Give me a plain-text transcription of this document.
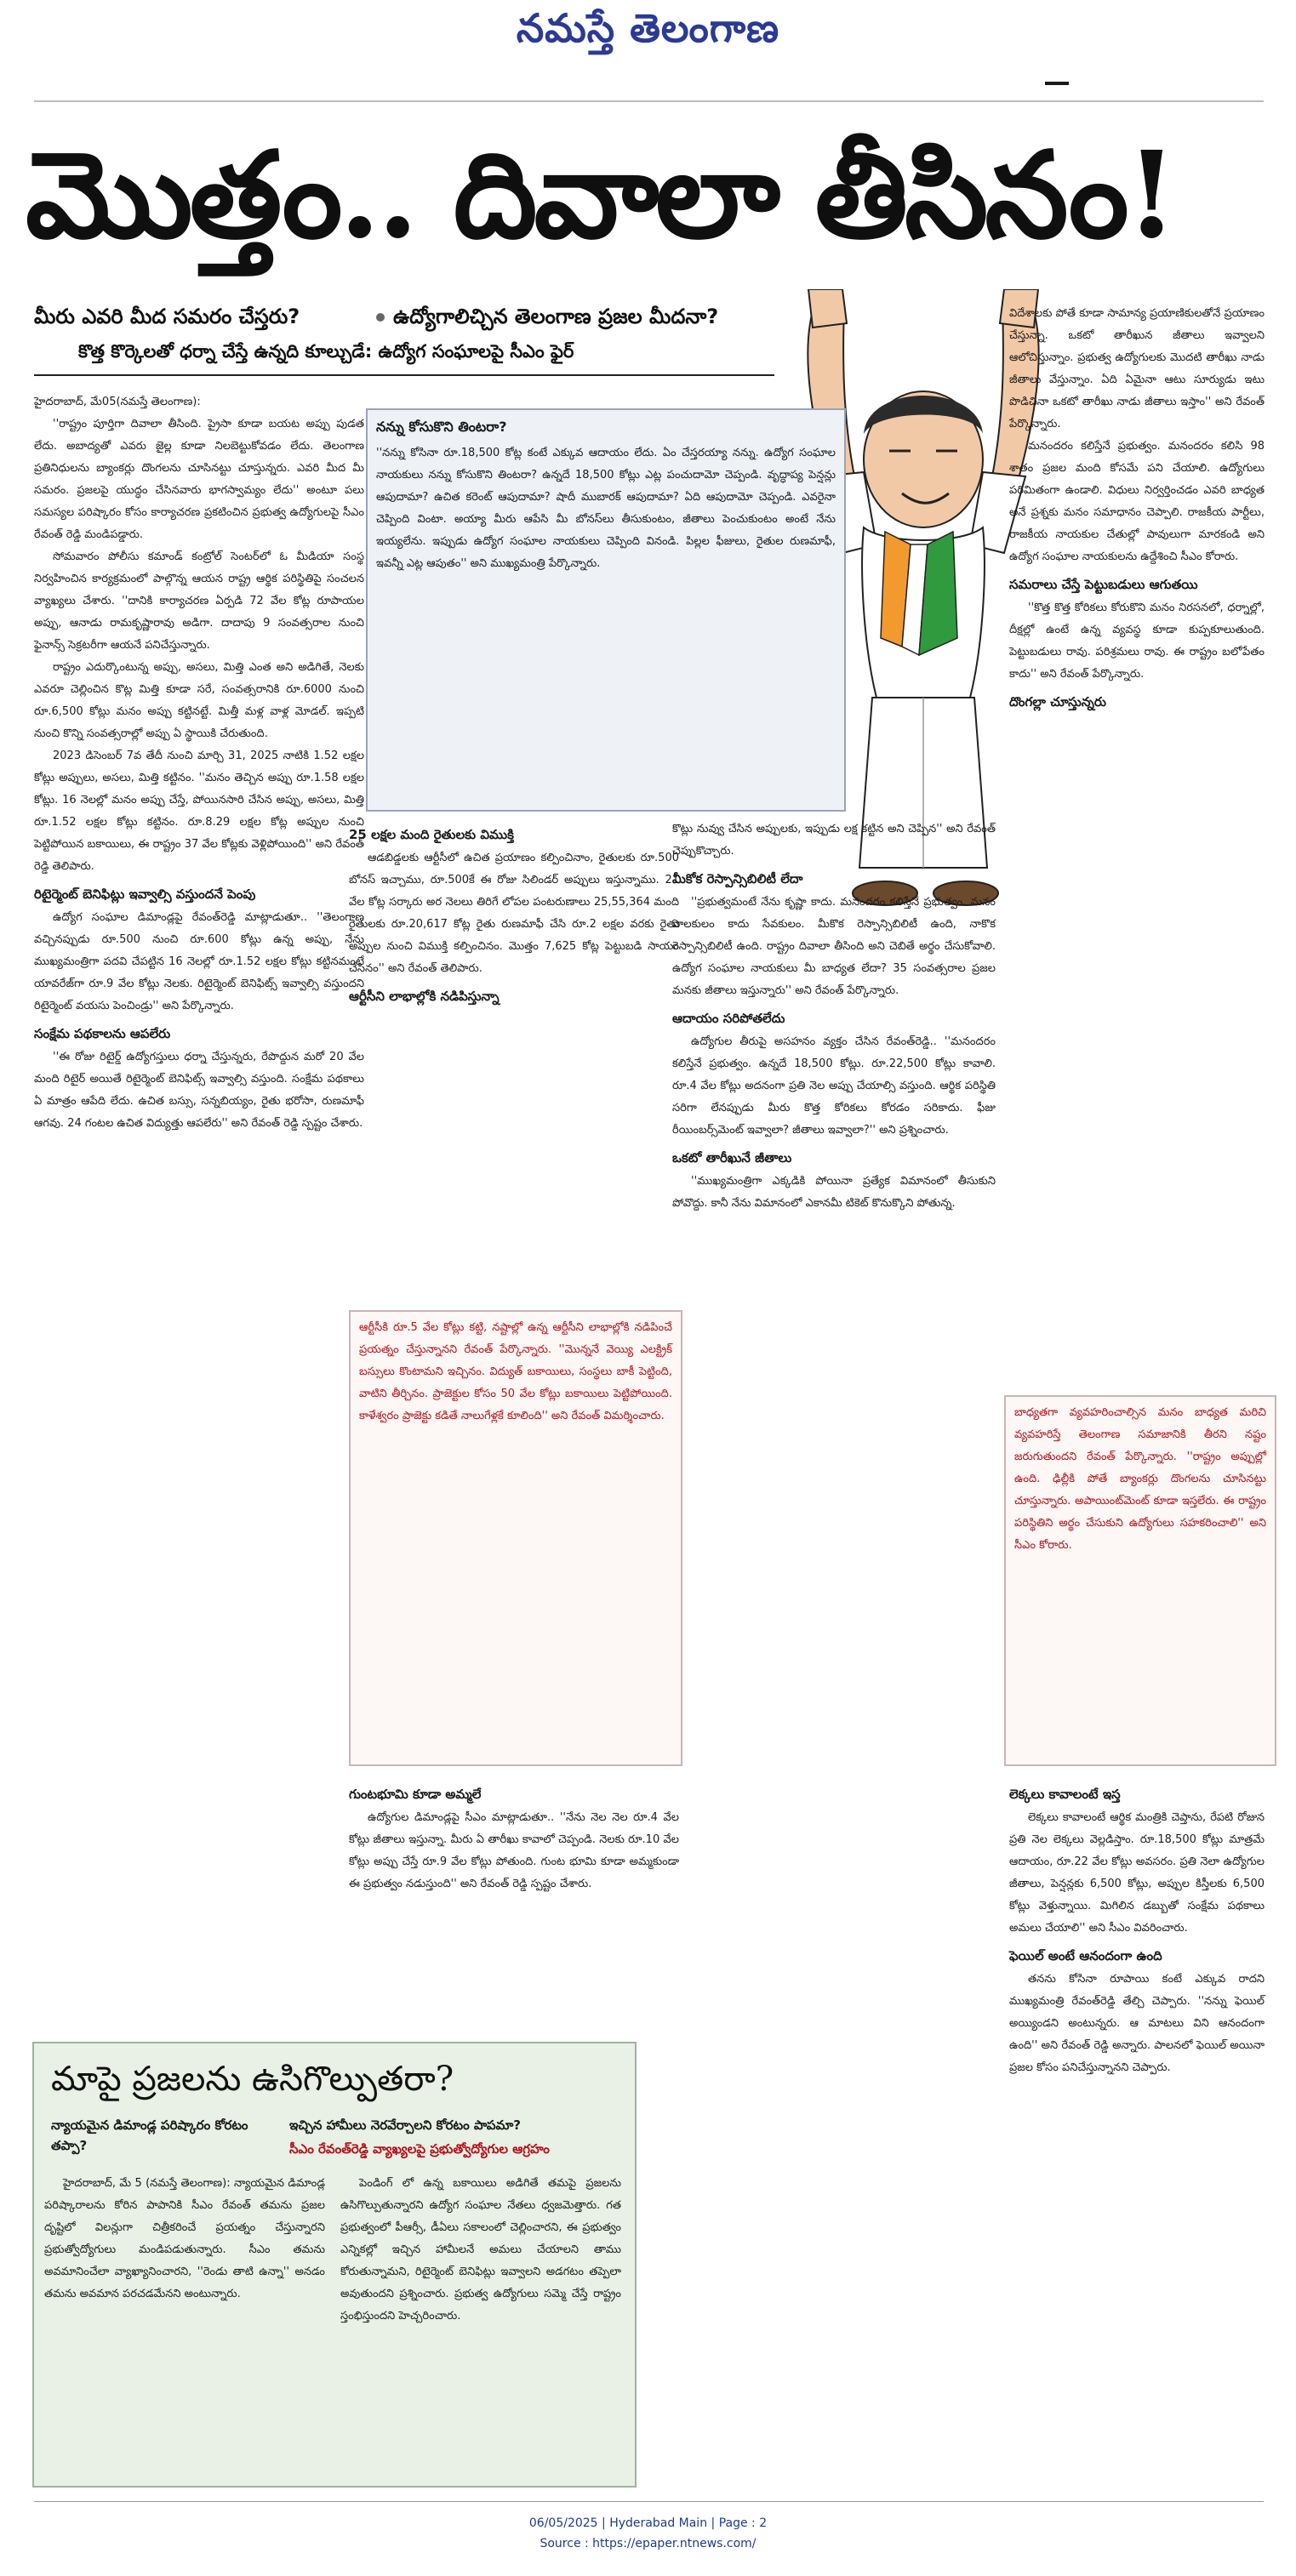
నమస్తే తెలంగాణ
మొత్తం.. దివాలా తీసినం!
మీరు ఎవరి మీద సమరం చేస్తరు?	ఉద్యోగాలిచ్చిన తెలంగాణ ప్రజల మీదనా?
కొత్త కొర్కెలతో ధర్నా చేస్తే ఉన్నది కూల్చుడే: ఉద్యోగ సంఘాలపై సీఎం ఫైర్

హైదరాబాద్, మే05(నమస్తే తెలంగాణ):

''రాష్ట్రం పూర్తిగా దివాలా తీసింది. ప్రైసా కూడా బయట అప్పు పుడత లేదు. అబాద్యతో ఎవరు జైల్ల కూడా నిలబెట్టుకోవడం లేదు. తెలంగాణ ప్రతినిధులను బ్యాంకర్లు దొంగలను చూసినట్టు చూస్తున్నరు. ఎవరి మీద మీ సమరం. ప్రజలపై యుద్ధం చేసినవారు భాగస్వామ్యం లేదు'' అంటూ పలు సమస్యల పరిష్కారం కోసం కార్యాచరణ ప్రకటించిన ప్రభుత్వ ఉద్యోగులపై సీఎం రేవంత్ రెడ్డి మండిపడ్డారు.

సోమవారం పోలీసు కమాండ్ కంట్రోల్ సెంటర్‌లో ఓ మీడియా సంస్థ నిర్వహించిన కార్యక్రమంలో పాల్గొన్న ఆయన రాష్ట్ర ఆర్థిక పరిస్థితిపై సంచలన వ్యాఖ్యలు చేశారు. ''దానికి కార్యాచరణ ఏర్పడి 72 వేల కోట్ల రూపాయల అప్పు, ఆనాడు రామకృష్ణారావు అడిగా. దాదాపు 9 సంవత్సరాల నుంచి ఫైనాన్స్ సెక్రటరీగా ఆయనే పనిచేస్తున్నారు.

రాష్ట్రం ఎదుర్కొంటున్న అప్పు, అసలు, మిత్తి ఎంత అని అడిగితే, నెలకు ఎవరూ చెల్లించిన కొట్ల మిత్తి కూడా సరే, సంవత్సరానికి రూ.6000 నుంచి రూ.6,500 కోట్లు మనం అప్పు కట్టినట్టే. మిత్తీ మళ్ల వాళ్ల మోడల్. ఇప్పటి నుంచి కొన్ని సంవత్సరాల్లో అప్పు ఏ స్థాయికి చేరుతుంది.

2023 డిసెంబర్ 7వ తేదీ నుంచి మార్చి 31, 2025 నాటికి 1.52 లక్షల కోట్లు అప్పులు, అసలు, మిత్తి కట్టినం. ''మనం తెచ్చిన అప్పు రూ.1.58 లక్షల కోట్లు. 16 నెలల్లో మనం అప్పు చేస్తే, పోయినసారి చేసిన అప్పు, అసలు, మిత్తి రూ.1.52 లక్షల కోట్లు కట్టినం. రూ.8.29 లక్షల కోట్ల అప్పుల నుంచి పెట్టిపోయిన బకాయిలు, ఈ రాష్ట్రం 37 వేల కోట్లకు వెళ్లిపోయింది'' అని రేవంత్ రెడ్డి తెలిపారు.

రిటైర్మెంట్ బెనిఫిట్లు ఇవ్వాల్సి వస్తుందనే పెంపు

ఉద్యోగ సంఘాల డిమాండ్లపై రేవంత్‌రెడ్డి మాట్లాడుతూ.. ''తెలంగాణ వచ్చినప్పుడు రూ.500 నుంచి రూ.600 కోట్లు ఉన్న అప్పు, నేను ముఖ్యమంత్రిగా పదవి చేపట్టిన 16 నెలల్లో రూ.1.52 లక్షల కోట్లు కట్టినమంటే యావరేజ్‌గా రూ.9 వేల కోట్లు నెలకు. రిటైర్మెంట్ బెనిఫిట్స్ ఇవ్వాల్సి వస్తుందని రిటైర్మెంట్ వయసు పెంచిండ్రు'' అని పేర్కొన్నారు.

సంక్షేమ పథకాలను ఆపలేరు

''ఈ రోజు రిటైర్డ్ ఉద్యోగస్తులు ధర్నా చేస్తున్నరు, రేపొద్దున మరో 20 వేల మంది రిటైర్ అయితే రిటైర్మెంట్ బెనిఫిట్స్ ఇవ్వాల్సి వస్తుంది. సంక్షేమ పథకాలు ఏ మాత్రం ఆపేది లేదు. ఉచిత బస్సు, సన్నబియ్యం, రైతు భరోసా, రుణమాఫీ ఆగవు. 24 గంటల ఉచిత విద్యుత్తు ఆపలేరు'' అని రేవంత్ రెడ్డి స్పష్టం చేశారు.

నన్ను కోసుకొని తింటరా?
''నన్ను కోసినా రూ.18,500 కోట్ల కంటే ఎక్కువ ఆదాయం లేదు. ఏం చేస్తరయ్యా నన్ను. ఉద్యోగ సంఘాల నాయకులు నన్ను కోసుకొని తింటరా? ఉన్నదే 18,500 కోట్లు ఎట్ల పంచుదామో చెప్పండి. వృద్ధాప్య పెన్షన్లు ఆపుదామా? ఉచిత కరెంట్ ఆపుదామా? షాదీ ముబారక్ ఆపుదామా? ఏది ఆపుదామో చెప్పండి. ఎవరైనా చెప్పింది వింటా. అయ్యా మీరు ఆపేసి మీ బోనస్‌లు తీసుకుంటం, జీతాలు పెంచుకుంటం అంటే నేను ఇయ్యలేను. ఇప్పుడు ఉద్యోగ సంఘాల నాయకులు చెప్పింది వినండి. పిల్లల ఫీజులు, రైతుల రుణమాఫీ, ఇవన్నీ ఎట్ల ఆపుతం'' అని ముఖ్యమంత్రి పేర్కొన్నారు.
25 లక్షల మంది రైతులకు విముక్తి

ఆడబిడ్డలకు ఆర్టీసీలో ఉచిత ప్రయాణం కల్పించినాం, రైతులకు రూ.500 బోనస్ ఇచ్చాము, రూ.500కే ఈ రోజు సిలిండర్ అప్పులు ఇస్తున్నాము. 21 వేల కోట్ల సర్కారు అర నెలలు తిరిగే లోపల పంటరుణాలు 25,55,364 మంది రైతులకు రూ.20,617 కోట్ల రైతు రుణమాఫీ చేసి రూ.2 లక్షల వరకు రైతు అప్పుల నుంచి విముక్తి కల్పించినం. మొత్తం 7,625 కోట్ల పెట్టుబడి సాయం చేసినం'' అని రేవంత్ తెలిపారు.

ఆర్టీసీని లాభాల్లోకి నడిపిస్తున్నా
ఆర్టీసీకి రూ.5 వేల కోట్లు కట్టి, నష్టాల్లో ఉన్న ఆర్టీసీని లాభాల్లోకి నడిపించే ప్రయత్నం చేస్తున్నానని రేవంత్ పేర్కొన్నారు. ''మొన్ననే వెయ్యి ఎలక్ట్రిక్ బస్సులు కొంటామని ఇచ్చినం. విద్యుత్ బకాయిలు, సంస్థలు బాకీ పెట్టింది, వాటిని తీర్చినం. ప్రాజెక్టుల కోసం 50 వేల కోట్లు బకాయిలు పెట్టిపోయింది. కాళేశ్వరం ప్రాజెక్టు కడితే నాలుగేళ్లకే కూలింది'' అని రేవంత్ విమర్శించారు.
గుంటభూమి కూడా అమ్మలే

ఉద్యోగుల డిమాండ్లపై సీఎం మాట్లాడుతూ.. ''నేను నెల నెల రూ.4 వేల కోట్లు జీతాలు ఇస్తున్నా. మీరు ఏ తారీఖు కావాలో చెప్పండి. నెలకు రూ.10 వేల కోట్లు అప్పు చేస్తే రూ.9 వేల కోట్లు పోతుంది. గుంట భూమి కూడా అమ్మకుండా ఈ ప్రభుత్వం నడుస్తుంది'' అని రేవంత్ రెడ్డి స్పష్టం చేశారు.

కొట్లు నువ్వు చేసిన అప్పులకు, ఇప్పుడు లక్ష కట్టిన అని చెప్పిన'' అని రేవంత్ చెప్పుకొచ్చారు.

మీకోక రెస్పాన్సిబిలిటీ లేదా

''ప్రభుత్వమంటే నేను కృష్ణా కాదు. మనందరం కలిస్తేనే ప్రభుత్వం. మనం పాలకులం కాదు సేవకులం. మీకొక రెస్పాన్సిబిలిటీ ఉంది, నాకొక రెస్పాన్సిబిలిటీ ఉంది. రాష్ట్రం దివాలా తీసింది అని చెబితే అర్థం చేసుకోవాలి. ఉద్యోగ సంఘాల నాయకులు మీ బాధ్యత లేదా? 35 సంవత్సరాల ప్రజల మనకు జీతాలు ఇస్తున్నారు'' అని రేవంత్ పేర్కొన్నారు.

ఆదాయం సరిపోతలేదు

ఉద్యోగుల తీరుపై అసహనం వ్యక్తం చేసిన రేవంత్‌రెడ్డి.. ''మనందరం కలిస్తేనే ప్రభుత్వం. ఉన్నదే 18,500 కోట్లు. రూ.22,500 కోట్లు కావాలి. రూ.4 వేల కోట్లు అదనంగా ప్రతి నెల అప్పు చేయాల్సి వస్తుంది. ఆర్థిక పరిస్థితి సరిగా లేనప్పుడు మీరు కొత్త కోరికలు కోరడం సరికాదు. ఫీజు రీయింబర్స్‌మెంట్ ఇవ్వాలా? జీతాలు ఇవ్వాలా?'' అని ప్రశ్నించారు.

ఒకటో తారీఖునే జీతాలు

''ముఖ్యమంత్రిగా ఎక్కడికి పోయినా ప్రత్యేక విమానంలో తీసుకుని పోవొద్దు. కానీ నేను విమానంలో ఎకానమీ టికెట్ కొనుక్కొని పోతున్న.

విదేశాలకు పోతే కూడా సామాన్య ప్రయాణికులతోనే ప్రయాణం చేస్తున్నా. ఒకటో తారీఖున జీతాలు ఇవ్వాలని ఆలోచిస్తున్నాం. ప్రభుత్వ ఉద్యోగులకు మొదటి తారీఖు నాడు జీతాలు వేస్తున్నాం. ఏది ఏమైనా ఆటు సూర్యుడు ఇటు పొడిచినా ఒకటో తారీఖు నాడు జీతాలు ఇస్తాం'' అని రేవంత్ పేర్కొన్నారు.

మనందరం కలిస్తేనే ప్రభుత్వం. మనందరం కలిసి 98 శాతం ప్రజల మంది కోసమే పని చేయాలి. ఉద్యోగులు పరిమితంగా ఉండాలి. విధులు నిర్వర్తించడం ఎవరి బాధ్యత అనే ప్రశ్నకు మనం సమాధానం చెప్పాలి. రాజకీయ పార్టీలు, రాజకీయ నాయకుల చేతుల్లో పావులుగా మారకండి అని ఉద్యోగ సంఘాల నాయకులను ఉద్దేశించి సీఎం కోరారు.

సమరాలు చేస్తే పెట్టుబడులు ఆగుతయి

''కొత్త కొత్త కోరికలు కోరుకొని మనం నిరసనలో, ధర్నాల్లో, దీక్షల్లో ఉంటే ఉన్న వ్యవస్థ కూడా కుప్పకూలుతుంది. పెట్టుబడులు రావు. పరిశ్రమలు రావు. ఈ రాష్ట్రం బలోపేతం కాదు'' అని రేవంత్ పేర్కొన్నారు.

దొంగల్లా చూస్తున్నరు
బాధ్యతగా వ్యవహరించాల్సిన మనం బాధ్యత మరిచి వ్యవహరిస్తే తెలంగాణ సమాజానికి తీరని నష్టం జరుగుతుందని రేవంత్ పేర్కొన్నారు. ''రాష్ట్రం అప్పుల్లో ఉంది. ఢిల్లీకి పోతే బ్యాంకర్లు దొంగలను చూసినట్టు చూస్తున్నారు. అపాయింట్‌మెంట్ కూడా ఇస్తలేరు. ఈ రాష్ట్రం పరిస్థితిని అర్థం చేసుకుని ఉద్యోగులు సహకరించాలి'' అని సీఎం కోరారు.
లెక్కలు కావాలంటే ఇస్త

లెక్కలు కావాలంటే ఆర్థిక మంత్రికి చెప్తాను, రేపటి రోజున ప్రతి నెల లెక్కలు వెల్లడిస్తాం. రూ.18,500 కోట్లు మాత్రమే ఆదాయం, రూ.22 వేల కోట్లు అవసరం. ప్రతి నెలా ఉద్యోగుల జీతాలు, పెన్షన్లకు 6,500 కోట్లు, అప్పుల కిస్తీలకు 6,500 కోట్లు వెళ్తున్నాయి. మిగిలిన డబ్బుతో సంక్షేమ పథకాలు అమలు చేయాలి'' అని సీఎం వివరించారు.

ఫెయిల్ అంటే ఆనందంగా ఉంది

తనను కోసినా రూపాయి కంటే ఎక్కువ రాదని ముఖ్యమంత్రి రేవంత్‌రెడ్డి తేల్చి చెప్పారు. ''నన్ను ఫెయిల్ అయ్యిండని అంటున్నరు. ఆ మాటలు విని ఆనందంగా ఉంది'' అని రేవంత్ రెడ్డి అన్నారు. పాలనలో ఫెయిల్ అయినా ప్రజల కోసం పనిచేస్తున్నానని చెప్పారు.

మాపై ప్రజలను ఉసిగొల్పుతరా?
న్యాయమైన డిమాండ్ల పరిష్కారం కోరటం తప్పా?
ఇచ్చిన హామీలు నెరవేర్చాలని కోరటం పాపమా?
సీఎం రేవంత్‌రెడ్డి వ్యాఖ్యలపై ప్రభుత్వోద్యోగుల ఆగ్రహం

హైదరాబాద్, మే 5 (నమస్తే తెలంగాణ): న్యాయమైన డిమాండ్ల పరిష్కారాలను కోరిన పాపానికి సీఎం రేవంత్ తమను ప్రజల దృష్టిలో విలన్లుగా చిత్రీకరించే ప్రయత్నం చేస్తున్నారని ప్రభుత్వోద్యోగులు మండిపడుతున్నారు. సీఎం తమను అవమానించేలా వ్యాఖ్యానించారని, ''రెండు తాటి ఉన్నా'' అనడం తమను అవమాన పరచడమేనని అంటున్నారు.

పెండింగ్ లో ఉన్న బకాయిలు అడిగితే తమపై ప్రజలను ఉసిగొల్పుతున్నారని ఉద్యోగ సంఘాల నేతలు ధ్వజమెత్తారు. గత ప్రభుత్వంలో పీఆర్సీ, డీఏలు సకాలంలో చెల్లించారని, ఈ ప్రభుత్వం ఎన్నికల్లో ఇచ్చిన హామీలనే అమలు చేయాలని తాము కోరుతున్నామని, రిటైర్మెంట్ బెనిఫిట్లు ఇవ్వాలని అడగటం తప్పెలా అవుతుందని ప్రశ్నించారు. ప్రభుత్వ ఉద్యోగులు సమ్మె చేస్తే రాష్ట్రం స్తంభిస్తుందని హెచ్చరించారు.

06/05/2025 | Hyderabad Main | Page : 2
Source : https://epaper.ntnews.com/
